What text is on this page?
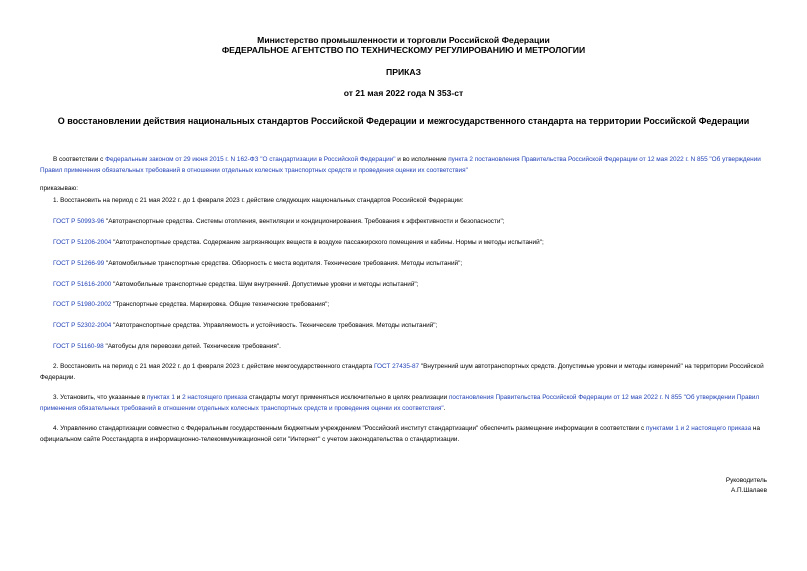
Министерство промышленности и торговли Российской Федерации
ФЕДЕРАЛЬНОЕ АГЕНТСТВО ПО ТЕХНИЧЕСКОМУ РЕГУЛИРОВАНИЮ И МЕТРОЛОГИИ
ПРИКАЗ
от 21 мая 2022 года N 353-ст
О восстановлении действия национальных стандартов Российской Федерации и межгосударственного стандарта на территории Российской Федерации
В соответствии с Федеральным законом от 29 июня 2015 г. N 162-ФЗ "О стандартизации в Российской Федерации" и во исполнение пункта 2 постановления Правительства Российской Федерации от 12 мая 2022 г. N 855 "Об утверждении Правил применения обязательных требований в отношении отдельных колесных транспортных средств и проведения оценки их соответствия"
приказываю:
1. Восстановить на период с 21 мая 2022 г. до 1 февраля 2023 г. действие следующих национальных стандартов Российской Федерации:
ГОСТ Р 50993-96 "Автотранспортные средства. Системы отопления, вентиляции и кондиционирования. Требования к эффективности и безопасности";
ГОСТ Р 51206-2004 "Автотранспортные средства. Содержание загрязняющих веществ в воздухе пассажирского помещения и кабины. Нормы и методы испытаний";
ГОСТ Р 51266-99 "Автомобильные транспортные средства. Обзорность с места водителя. Технические требования. Методы испытаний";
ГОСТ Р 51616-2000 "Автомобильные транспортные средства. Шум внутренний. Допустимые уровни и методы испытаний";
ГОСТ Р 51980-2002 "Транспортные средства. Маркировка. Общие технические требования";
ГОСТ Р 52302-2004 "Автотранспортные средства. Управляемость и устойчивость. Технические требования. Методы испытаний";
ГОСТ Р 51160-98 "Автобусы для перевозки детей. Технические требования".
2. Восстановить на период с 21 мая 2022 г. до 1 февраля 2023 г. действие межгосударственного стандарта ГОСТ 27435-87 "Внутренний шум автотранспортных средств. Допустимые уровни и методы измерений" на территории Российской Федерации.
3. Установить, что указанные в пунктах 1 и 2 настоящего приказа стандарты могут применяться исключительно в целях реализации постановления Правительства Российской Федерации от 12 мая 2022 г. N 855 "Об утверждении Правил применения обязательных требований в отношении отдельных колесных транспортных средств и проведения оценки их соответствия".
4. Управлению стандартизации совместно с Федеральным государственным бюджетным учреждением "Российский институт стандартизации" обеспечить размещение информации в соответствии с пунктами 1 и 2 настоящего приказа на официальном сайте Росстандарта в информационно-телекоммуникационной сети "Интернет" с учетом законодательства о стандартизации.
Руководитель
А.П.Шалаев
